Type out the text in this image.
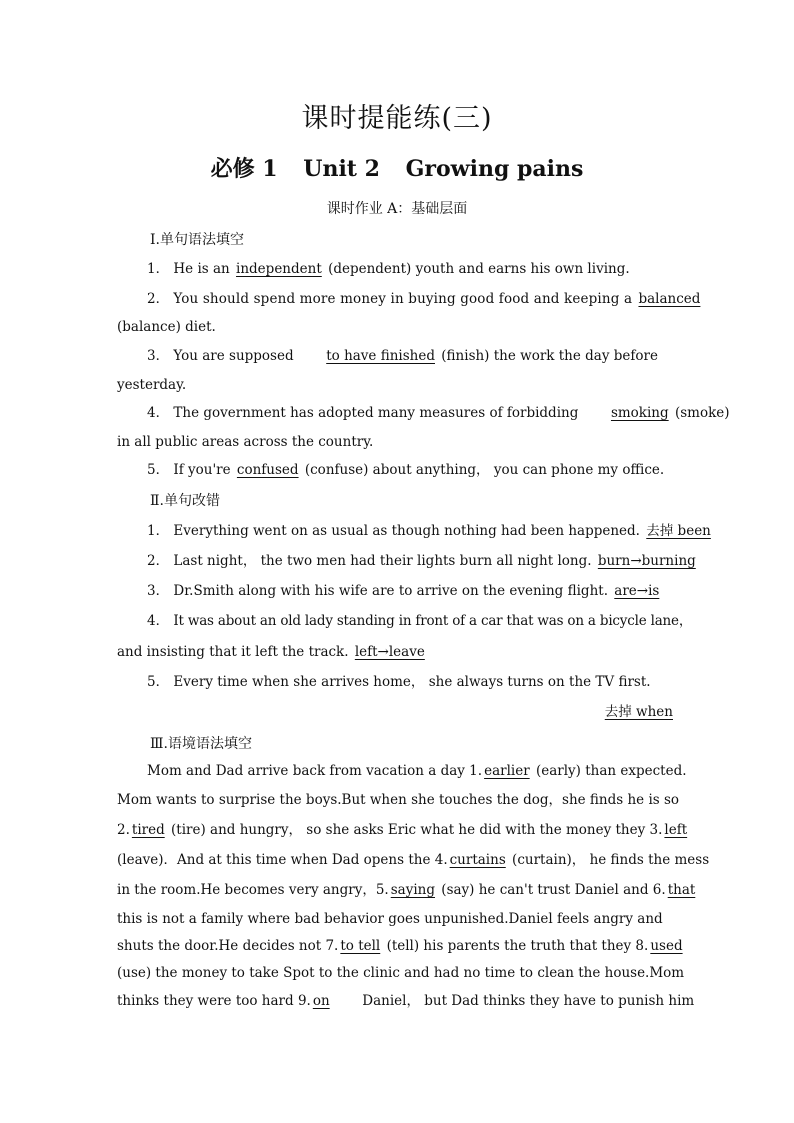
课时提能练(三)
必修 1 Unit 2 Growing pains
课时作业 A：基础层面
Ⅰ.单句语法填空
1． He is an independent (dependent) youth and earns his own living.
2． You should spend more money in buying good food and keeping a balanced
(balance) diet.
3． You are supposed to have finished (finish) the work the day before
yesterday.
4． The government has adopted many measures of forbidding smoking (smoke)
in all public areas across the country.
5． If you're confused (confuse) about anything， you can phone my office.
Ⅱ.单句改错
1． Everything went on as usual as though nothing had been happened. 去掉 been
2． Last night， the two men had their lights burn all night long. burn→burning
3． Dr.Smith along with his wife are to arrive on the evening flight. are→is
4． It was about an old lady standing in front of a car that was on a bicycle lane，
and insisting that it left the track. left→leave
5． Every time when she arrives home， she always turns on the TV first.
去掉 when
Ⅲ.语境语法填空
Mom and Dad arrive back from vacation a day 1. earlier (early) than expected.
Mom wants to surprise the boys.But when she touches the dog，she finds he is so
2. tired (tire) and hungry， so she asks Eric what he did with the money they 3. left
(leave)．And at this time when Dad opens the 4. curtains (curtain)， he finds the mess
in the room.He becomes very angry，5. saying (say) he can't trust Daniel and 6. that
this is not a family where bad behavior goes unpunished.Daniel feels angry and
shuts the door.He decides not 7. to tell (tell) his parents the truth that they 8. used
(use) the money to take Spot to the clinic and had no time to clean the house.Mom
thinks they were too hard 9. on Daniel， but Dad thinks they have to punish him
